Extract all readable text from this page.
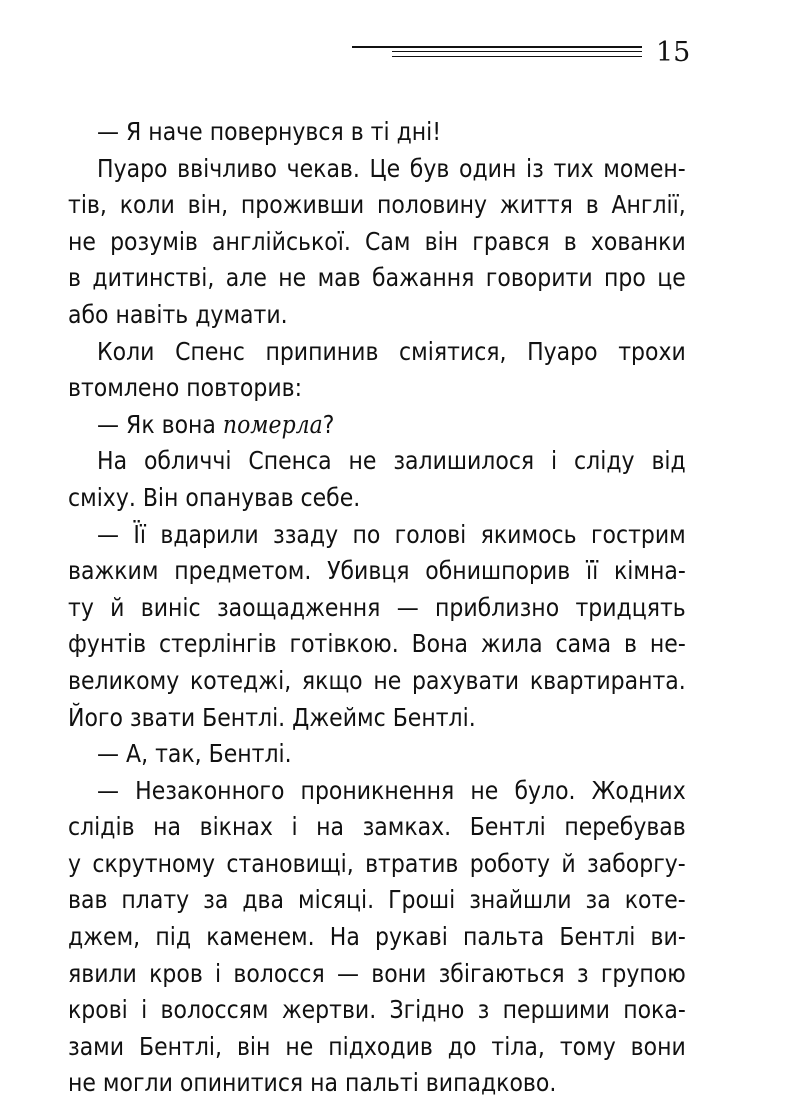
15
— Я наче повернувся в ті дні!
Пуаро ввічливо чекав. Це був один із тих момен-
тів, коли він, проживши половину життя в Англії,
не розумів англійської. Сам він грався в хованки
в дитинстві, але не мав бажання говорити про це
або навіть думати.
Коли Спенс припинив сміятися, Пуаро трохи
втомлено повторив:
— Як вона померла?
На обличчі Спенса не залишилося і сліду від
сміху. Він опанував себе.
— Її вдарили ззаду по голові якимось гострим
важким предметом. Убивця обнишпорив її кімна-
ту й виніс заощадження — приблизно тридцять
фунтів стерлінгів готівкою. Вона жила сама в не-
великому котеджі, якщо не рахувати квартиранта.
Його звати Бентлі. Джеймс Бентлі.
— А, так, Бентлі.
— Незаконного проникнення не було. Жодних
слідів на вікнах і на замках. Бентлі перебував
у скрутному становищі, втратив роботу й заборгу-
вав плату за два місяці. Гроші знайшли за коте-
джем, під каменем. На рукаві пальта Бентлі ви-
явили кров і волосся — вони збігаються з групою
крові і волоссям жертви. Згідно з першими пока-
зами Бентлі, він не підходив до тіла, тому вони
не могли опинитися на пальті випадково.
